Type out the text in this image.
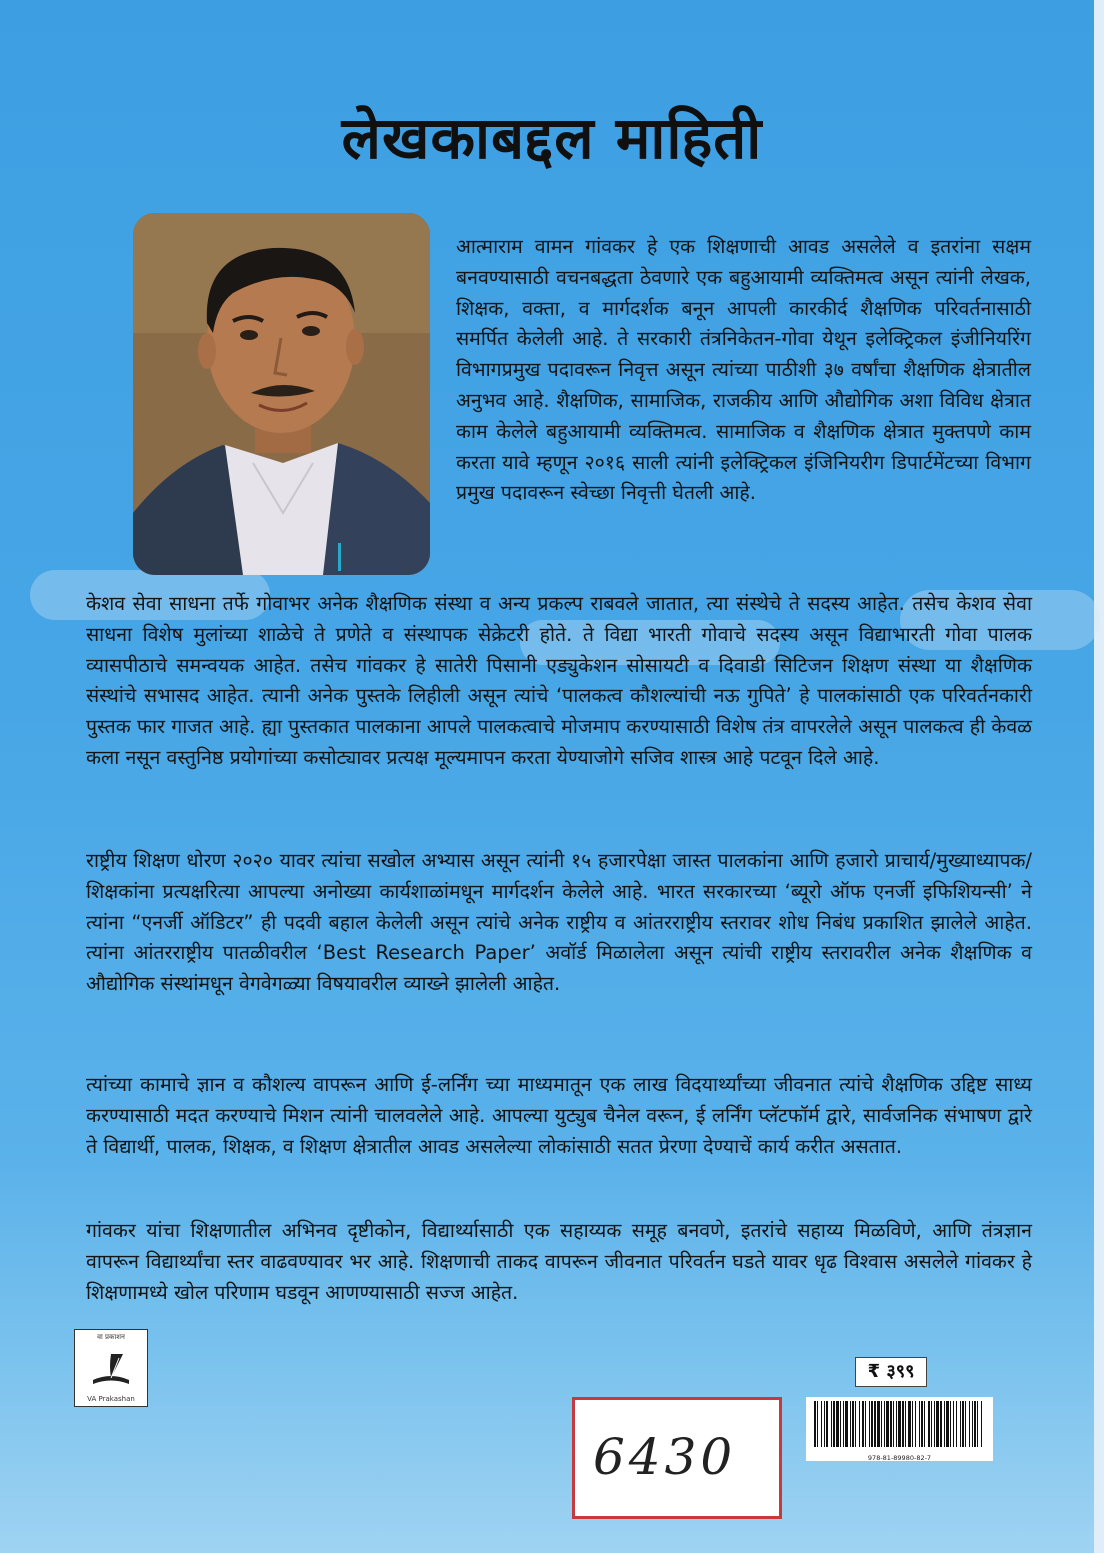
लेखकाबद्दल माहिती

आत्माराम वामन गांवकर हे एक शिक्षणाची आवड असलेले व इतरांना सक्षम बनवण्यासाठी वचनबद्धता ठेवणारे एक बहुआयामी व्यक्तिमत्व असून त्यांनी लेखक, शिक्षक, वक्ता, व मार्गदर्शक बनून आपली कारकीर्द शैक्षणिक परिवर्तनासाठी समर्पित केलेली आहे. ते सरकारी तंत्रनिकेतन-गोवा येथून इलेक्ट्रिकल इंजीनियरिंग विभागप्रमुख पदावरून निवृत्त असून त्यांच्या पाठीशी ३७ वर्षांचा शैक्षणिक क्षेत्रातील अनुभव आहे. शैक्षणिक, सामाजिक, राजकीय आणि औद्योगिक अशा विविध क्षेत्रात काम केलेले बहुआयामी व्यक्तिमत्व. सामाजिक व शैक्षणिक क्षेत्रात मुक्तपणे काम करता यावे म्हणून २०१६ साली त्यांनी इलेक्ट्रिकल इंजिनियरीग डिपार्टमेंटच्या विभाग प्रमुख पदावरून स्वेच्छा निवृत्ती घेतली आहे.

केशव सेवा साधना तर्फे गोवाभर अनेक शैक्षणिक संस्था व अन्य प्रकल्प राबवले जातात, त्या संस्थेचे ते सदस्य आहेत. तसेच केशव सेवा साधना विशेष मुलांच्या शाळेचे ते प्रणेते व संस्थापक सेक्रेटरी होते. ते विद्या भारती गोवाचे सदस्य असून विद्याभारती गोवा पालक व्यासपीठाचे समन्वयक आहेत. तसेच गांवकर हे सातेरी पिसानी एड्युकेशन सोसायटी व दिवाडी सिटिजन शिक्षण संस्था या शैक्षणिक संस्थांचे सभासद आहेत. त्यानी अनेक पुस्तके लिहीली असून त्यांचे ‘पालकत्व कौशल्यांची नऊ गुपिते’ हे पालकांसाठी एक परिवर्तनकारी पुस्तक फार गाजत आहे. ह्या पुस्तकात पालकाना आपले पालकत्वाचे मोजमाप करण्यासाठी विशेष तंत्र वापरलेले असून पालकत्व ही केवळ कला नसून वस्तुनिष्ठ प्रयोगांच्या कसोट्यावर प्रत्यक्ष मूल्यमापन करता येण्याजोगे सजिव शास्त्र आहे पटवून दिले आहे.

राष्ट्रीय शिक्षण धोरण २०२० यावर त्यांचा सखोल अभ्यास असून त्यांनी १५ हजारपेक्षा जास्त पालकांना आणि हजारो प्राचार्य/मुख्याध्यापक/शिक्षकांना प्रत्यक्षरित्या आपल्या अनोख्या कार्यशाळांमधून मार्गदर्शन केलेले आहे. भारत सरकारच्या ‘ब्यूरो ऑफ एनर्जी इफिशियन्सी’ ने त्यांना “एनर्जी ऑडिटर” ही पदवी बहाल केलेली असून त्यांचे अनेक राष्ट्रीय व आंतरराष्ट्रीय स्तरावर शोध निबंध प्रकाशित झालेले आहेत. त्यांना आंतरराष्ट्रीय पातळीवरील ‘Best Research Paper’ अवॉर्ड मिळालेला असून त्यांची राष्ट्रीय स्तरावरील अनेक शैक्षणिक व औद्योगिक संस्थांमधून वेगवेगळ्या विषयावरील व्याख्ने झालेली आहेत.

त्यांच्या कामाचे ज्ञान व कौशल्य वापरून आणि ई-लर्निंग च्या माध्यमातून एक लाख विदयार्थ्यांच्या जीवनात त्यांचे शैक्षणिक उद्दिष्ट साध्य करण्यासाठी मदत करण्याचे मिशन त्यांनी चालवलेले आहे. आपल्या युट्युब चैनेल वरून, ई लर्निंग प्लॅटफॉर्म द्वारे, सार्वजनिक संभाषण द्वारे ते विद्यार्थी, पालक, शिक्षक, व शिक्षण क्षेत्रातील आवड असलेल्या लोकांसाठी सतत प्रेरणा देण्याचें कार्य करीत असतात.

गांवकर यांचा शिक्षणातील अभिनव दृष्टीकोन, विद्यार्थ्यासाठी एक सहाय्यक समूह बनवणे, इतरांचे सहाय्य मिळविणे, आणि तंत्रज्ञान वापरून विद्यार्थ्यांचा स्तर वाढवण्यावर भर आहे. शिक्षणाची ताकद वापरून जीवनात परिवर्तन घडते यावर धृढ विश्वास असलेले गांवकर हे शिक्षणामध्ये खोल परिणाम घडवून आणण्यासाठी सज्ज आहेत.

वा प्रकाशन
VA Prakashan
₹ ३९९
6430	978-81-89980-82-7
